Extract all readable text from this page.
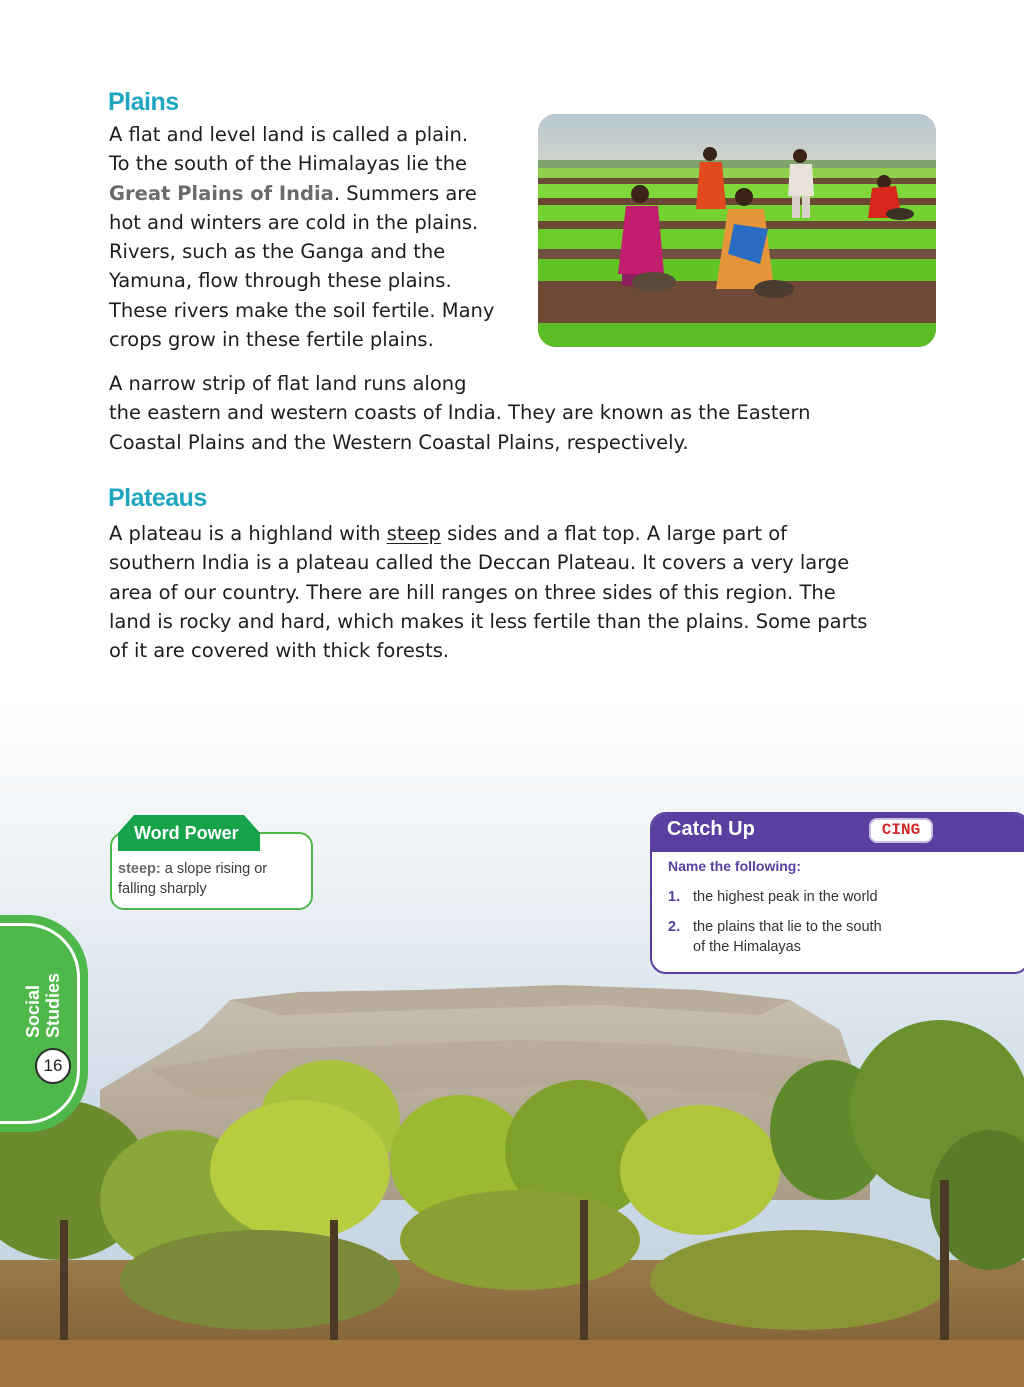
Plains
A flat and level land is called a plain.
To the south of the Himalayas lie the
Great Plains of India. Summers are
hot and winters are cold in the plains.
Rivers, such as the Ganga and the
Yamuna, flow through these plains.
These rivers make the soil fertile. Many
crops grow in these fertile plains.
A narrow strip of flat land runs along
the eastern and western coasts of India. They are known as the Eastern
Coastal Plains and the Western Coastal Plains, respectively.
Plateaus
A plateau is a highland with steep sides and a flat top. A large part of
southern India is a plateau called the Deccan Plateau. It covers a very large
area of our country. There are hill ranges on three sides of this region. The
land is rocky and hard, which makes it less fertile than the plains. Some parts
of it are covered with thick forests.
Word Power
steep: a slope rising or
falling sharply
Catch Up	CING
Name the following:
1. the highest peak in the world
2. the plains that lie to the south
of the Himalayas
Social Studies
16
